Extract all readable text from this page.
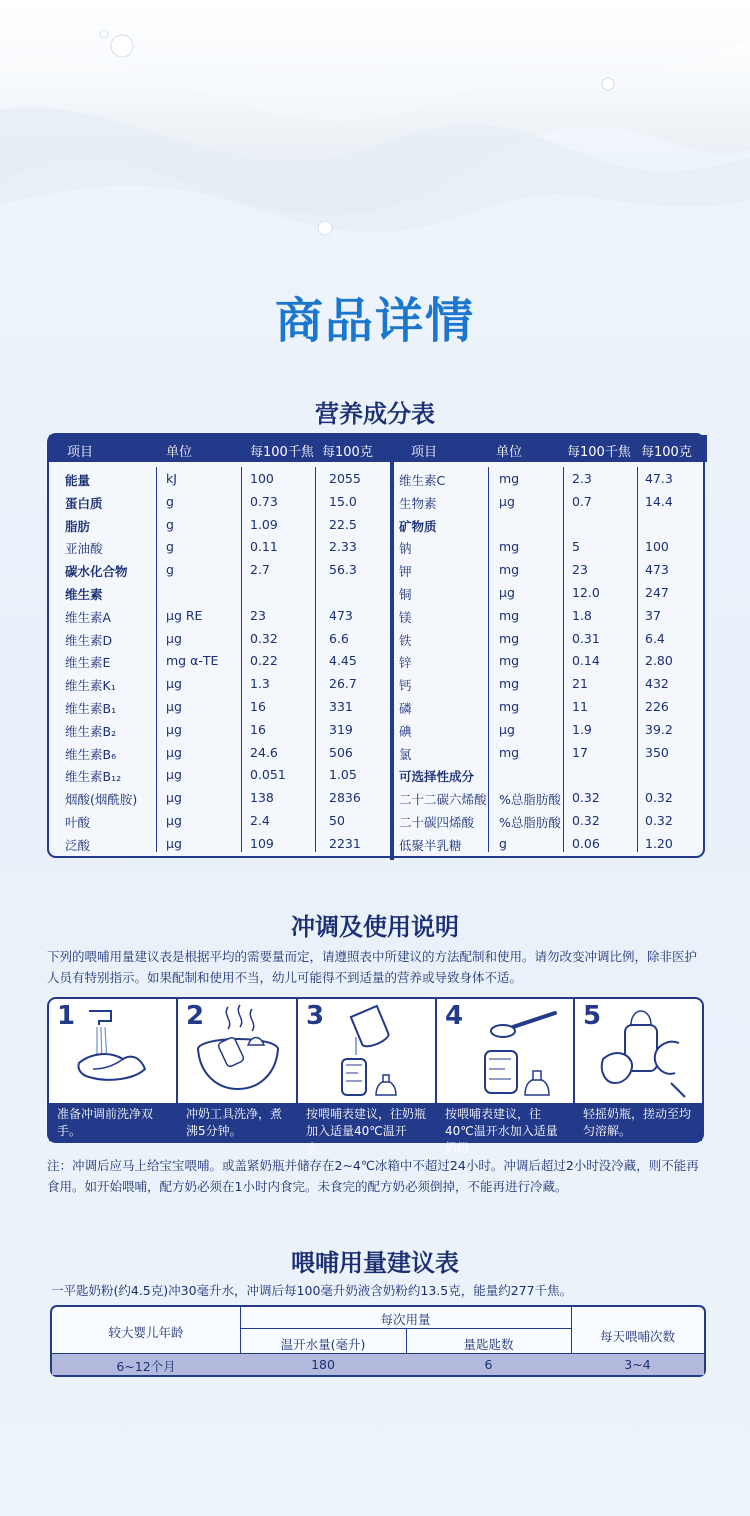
商品详情
营养成分表
项目	单位	每100千焦 每100克	项目	单位	每100千焦 每100克
能量	kJ	100	2055
蛋白质	g	0.73	15.0
脂肪	g	1.09	22.5
亚油酸	g	0.11	2.33
碳水化合物	g	2.7	56.3
维生素
维生素A	μg RE	23	473
维生素D	μg	0.32	6.6
维生素E	mg α-TE	0.22	4.45
维生素K₁	μg	1.3	26.7
维生素B₁	μg	16	331
维生素B₂	μg	16	319
维生素B₆	μg	24.6	506
维生素B₁₂	μg	0.051	1.05
烟酸(烟酰胺) μg	138	2836
叶酸	μg	2.4	50
泛酸	μg	109	2231
维生素C	mg	2.3	47.3
生物素	μg	0.7	14.4
矿物质
钠	mg	5	100
钾	mg	23	473
铜	μg	12.0	247
镁	mg	1.8	37
铁	mg	0.31	6.4
锌	mg	0.14	2.80
钙	mg	21	432
磷	mg	11	226
碘	μg	1.9	39.2
氯	mg	17	350
可选择性成分
二十二碳六烯酸 %总脂肪酸 0.32	0.32
二十碳四烯酸 %总脂肪酸 0.32	0.32
低聚半乳糖	g	0.06	1.20
冲调及使用说明

下列的喂哺用量建议表是根据平均的需要量而定，请遵照表中所建议的方法配制和使用。请勿改变冲调比例，除非医护人员有特别指示。如果配制和使用不当，幼儿可能得不到适量的营养或导致身体不适。

1
准备冲调前洗净双手。
2
冲奶工具洗净，煮沸5分钟。
3
按喂哺表建议，往奶瓶加入适量40℃温开水。
4
按喂哺表建议，往40℃温开水加入适量奶粉。
5
轻摇奶瓶，搓动至均匀溶解。

注：冲调后应马上给宝宝喂哺。或盖紧奶瓶并储存在2~4℃冰箱中不超过24小时。冲调后超过2小时没冷藏，则不能再食用。如开始喂哺，配方奶必须在1小时内食完。未食完的配方奶必须倒掉，不能再进行冷藏。

喂哺用量建议表

一平匙奶粉(约4.5克)冲30毫升水，冲调后每100毫升奶液含奶粉约13.5克，能量约277千焦。

较大婴儿年龄
每次用量
温开水量(毫升)	量匙匙数
每天喂哺次数
6~12个月	180	6	3~4
